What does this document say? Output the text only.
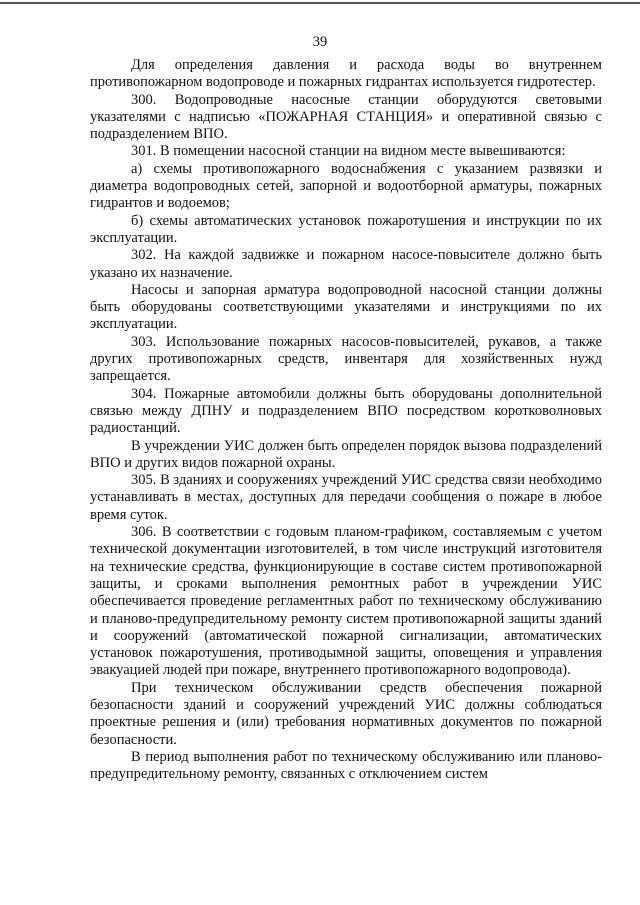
39

Для определения давления и расхода воды во внутреннем противопожарном водопроводе и пожарных гидрантах используется гидротестер.

300. Водопроводные насосные станции оборудуются световыми указателями с надписью «ПОЖАРНАЯ СТАНЦИЯ» и оперативной связью с подразделением ВПО.

301. В помещении насосной станции на видном месте вывешиваются:

а) схемы противопожарного водоснабжения с указанием развязки и диаметра водопроводных сетей, запорной и водоотборной арматуры, пожарных гидрантов и водоемов;

б) схемы автоматических установок пожаротушения и инструкции по их эксплуатации.

302. На каждой задвижке и пожарном насосе-повысителе должно быть указано их назначение.

Насосы и запорная арматура водопроводной насосной станции должны быть оборудованы соответствующими указателями и инструкциями по их эксплуатации.

303. Использование пожарных насосов-повысителей, рукавов, а также других противопожарных средств, инвентаря для хозяйственных нужд запрещается.

304. Пожарные автомобили должны быть оборудованы дополнительной связью между ДПНУ и подразделением ВПО посредством коротковолновых радиостанций.

В учреждении УИС должен быть определен порядок вызова подразделений ВПО и других видов пожарной охраны.

305. В зданиях и сооружениях учреждений УИС средства связи необходимо устанавливать в местах, доступных для передачи сообщения о пожаре в любое время суток.

306. В соответствии с годовым планом-графиком, составляемым с учетом технической документации изготовителей, в том числе инструкций изготовителя на технические средства, функционирующие в составе систем противопожарной защиты, и сроками выполнения ремонтных работ в учреждении УИС обеспечивается проведение регламентных работ по техническому обслуживанию и планово-предупредительному ремонту систем противопожарной защиты зданий и сооружений (автоматической пожарной сигнализации, автоматических установок пожаротушения, противодымной защиты, оповещения и управления эвакуацией людей при пожаре, внутреннего противопожарного водопровода).

При техническом обслуживании средств обеспечения пожарной безопасности зданий и сооружений учреждений УИС должны соблюдаться проектные решения и (или) требования нормативных документов по пожарной безопасности.

В период выполнения работ по техническому обслуживанию или планово-предупредительному ремонту, связанных с отключением систем
